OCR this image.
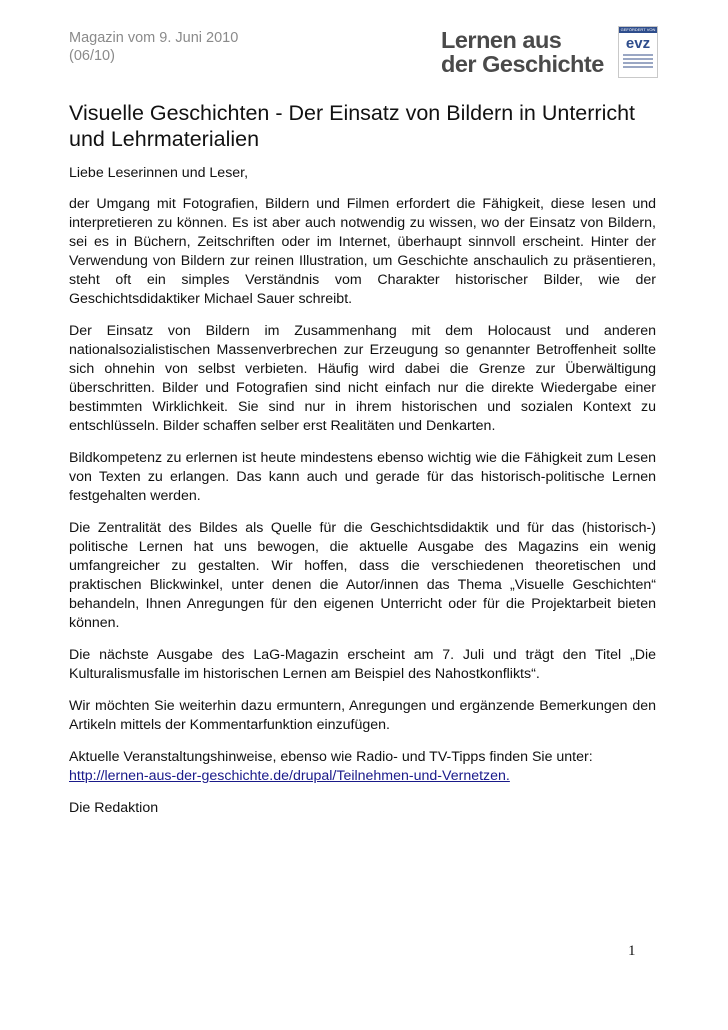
Magazin vom 9. Juni 2010
(06/10)
Lernen aus
der Geschichte
GEFÖRDERT VON
evz
Visuelle Geschichten - Der Einsatz von Bildern in Unterricht und Lehrmaterialien

Liebe Leserinnen und Leser,

der Umgang mit Fotografien, Bildern und Filmen erfordert die Fähigkeit, diese lesen und interpretieren zu können. Es ist aber auch notwendig zu wissen, wo der Einsatz von Bildern, sei es in Büchern, Zeitschriften oder im Internet, überhaupt sinnvoll erscheint. Hinter der Verwendung von Bildern zur reinen Illustration, um Geschichte anschaulich zu präsentieren, steht oft ein simples Verständnis vom Charakter historischer Bilder, wie der Geschichtsdidaktiker Michael Sauer schreibt.

Der Einsatz von Bildern im Zusammenhang mit dem Holocaust und anderen nationalsozialistischen Massenverbrechen zur Erzeugung so genannter Betroffenheit sollte sich ohnehin von selbst verbieten. Häufig wird dabei die Grenze zur Überwältigung überschritten. Bilder und Fotografien sind nicht einfach nur die direkte Wiedergabe einer bestimmten Wirklichkeit. Sie sind nur in ihrem historischen und sozialen Kontext zu entschlüsseln. Bilder schaffen selber erst Realitäten und Denkarten.

Bildkompetenz zu erlernen ist heute mindestens ebenso wichtig wie die Fähigkeit zum Lesen von Texten zu erlangen. Das kann auch und gerade für das historisch-politische Lernen festgehalten werden.

Die Zentralität des Bildes als Quelle für die Geschichtsdidaktik und für das (historisch-) politische Lernen hat uns bewogen, die aktuelle Ausgabe des Magazins ein wenig umfangreicher zu gestalten. Wir hoffen, dass die verschiedenen theoretischen und praktischen Blickwinkel, unter denen die Autor/innen das Thema „Visuelle Geschichten“ behandeln, Ihnen Anregungen für den eigenen Unterricht oder für die Projektarbeit bieten können.

Die nächste Ausgabe des LaG-Magazin erscheint am 7. Juli und trägt den Titel „Die Kulturalismusfalle im historischen Lernen am Beispiel des Nahostkonflikts“.

Wir möchten Sie weiterhin dazu ermuntern, Anregungen und ergänzende Bemerkungen den Artikeln mittels der Kommentarfunktion einzufügen.

Aktuelle Veranstaltungshinweise, ebenso wie Radio- und TV-Tipps finden Sie unter:
http://lernen-aus-der-geschichte.de/drupal/Teilnehmen-und-Vernetzen.

Die Redaktion

1
